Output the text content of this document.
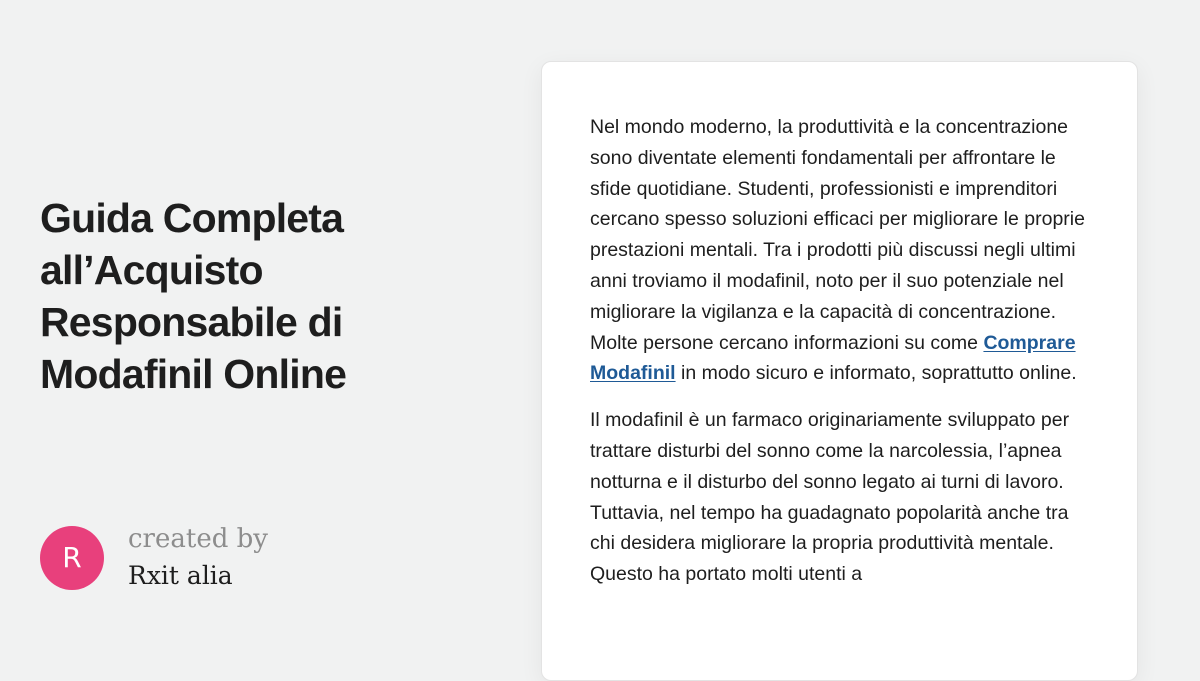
Guida Completa all’Acquisto Responsabile di Modafinil Online
R
created by
Rxit alia

Nel mondo moderno, la produttività e la concentrazione sono diventate elementi fondamentali per affrontare le sfide quotidiane. Studenti, professionisti e imprenditori cercano spesso soluzioni efficaci per migliorare le proprie prestazioni mentali. Tra i prodotti più discussi negli ultimi anni troviamo il modafinil, noto per il suo potenziale nel migliorare la vigilanza e la capacità di concentrazione. Molte persone cercano informazioni su come Comprare Modafinil in modo sicuro e informato, soprattutto online.

Il modafinil è un farmaco originariamente sviluppato per trattare disturbi del sonno come la narcolessia, l’apnea notturna e il disturbo del sonno legato ai turni di lavoro. Tuttavia, nel tempo ha guadagnato popolarità anche tra chi desidera migliorare la propria produttività mentale. Questo ha portato molti utenti a
